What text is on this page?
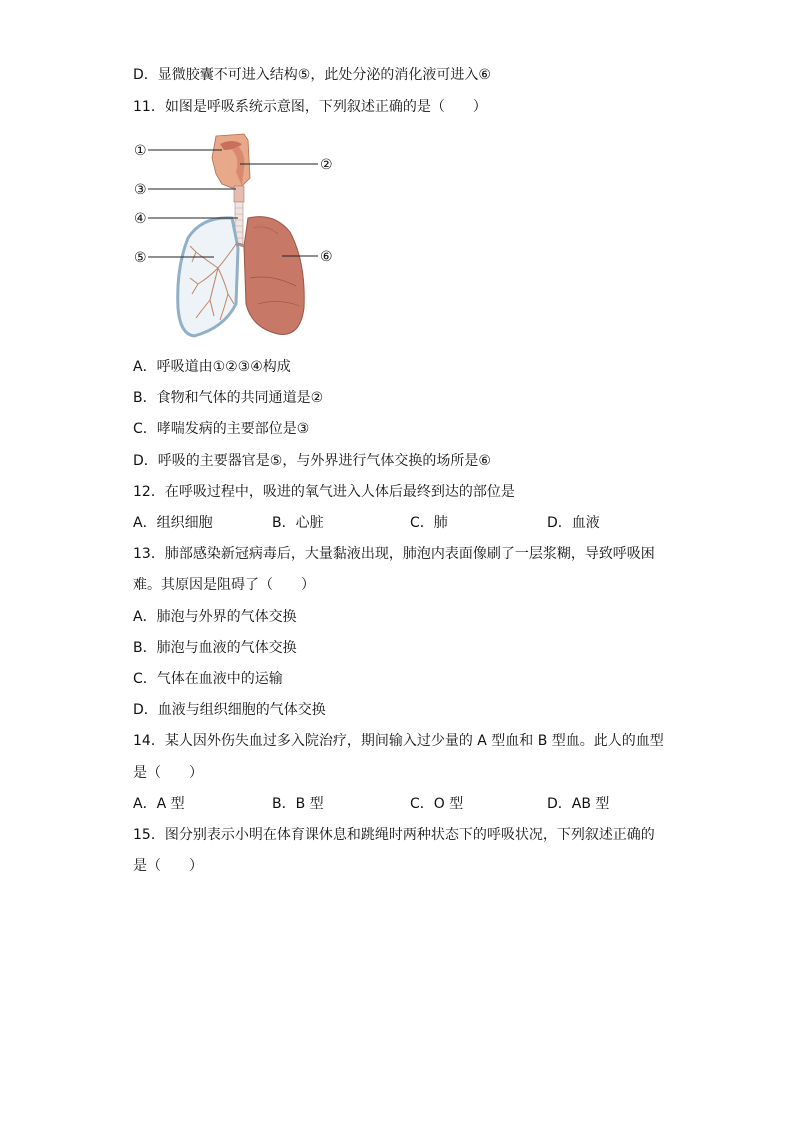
D．显微胶囊不可进入结构⑤，此处分泌的消化液可进入⑥
11．如图是呼吸系统示意图，下列叙述正确的是（　　）
①
②
③
④
⑤	⑥
A．呼吸道由①②③④构成
B．食物和气体的共同通道是②
C．哮喘发病的主要部位是③
D．呼吸的主要器官是⑤，与外界进行气体交换的场所是⑥
12．在呼吸过程中，吸进的氧气进入人体后最终到达的部位是
A．组织细胞	B．心脏	C．肺	D．血液
13．肺部感染新冠病毒后，大量黏液出现，肺泡内表面像刷了一层浆糊，导致呼吸困
难。其原因是阻碍了（　　）
A．肺泡与外界的气体交换
B．肺泡与血液的气体交换
C．气体在血液中的运输
D．血液与组织细胞的气体交换
14．某人因外伤失血过多入院治疗，期间输入过少量的 A 型血和 B 型血。此人的血型
是（　　）
A．A 型	B．B 型	C．O 型	D．AB 型
15．图分别表示小明在体育课休息和跳绳时两种状态下的呼吸状况，下列叙述正确的
是（　　）
